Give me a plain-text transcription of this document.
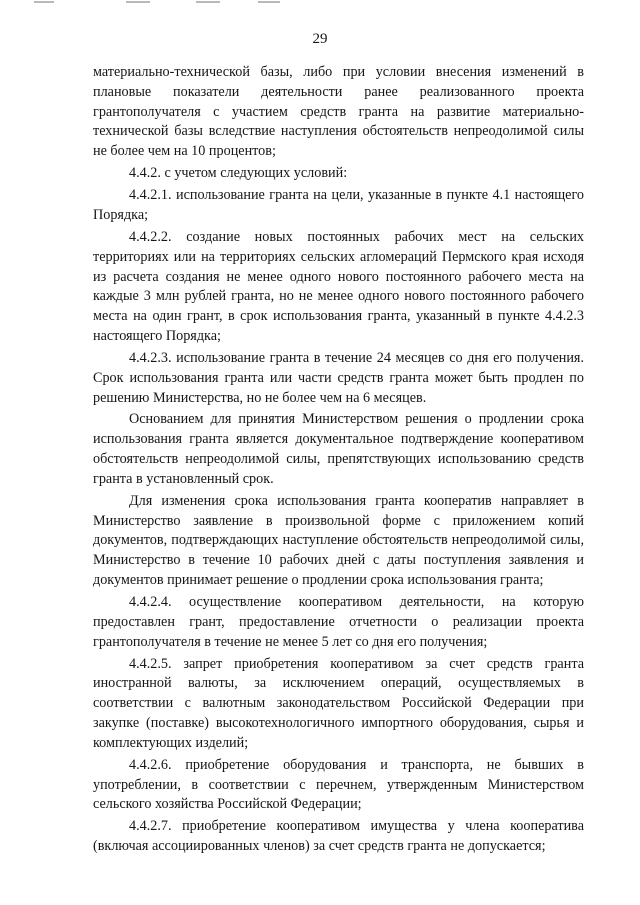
29

материально-технической базы, либо при условии внесения изменений в плановые показатели деятельности ранее реализованного проекта грантополучателя с участием средств гранта на развитие материально-технической базы вследствие наступления обстоятельств непреодолимой силы не более чем на 10 процентов;

4.4.2. с учетом следующих условий:

4.4.2.1. использование гранта на цели, указанные в пункте 4.1 настоящего Порядка;

4.4.2.2. создание новых постоянных рабочих мест на сельских территориях или на территориях сельских агломераций Пермского края исходя из расчета создания не менее одного нового постоянного рабочего места на каждые 3 млн рублей гранта, но не менее одного нового постоянного рабочего места на один грант, в срок использования гранта, указанный в пункте 4.4.2.3 настоящего Порядка;

4.4.2.3. использование гранта в течение 24 месяцев со дня его получения. Срок использования гранта или части средств гранта может быть продлен по решению Министерства, но не более чем на 6 месяцев.

Основанием для принятия Министерством решения о продлении срока использования гранта является документальное подтверждение кооперативом обстоятельств непреодолимой силы, препятствующих использованию средств гранта в установленный срок.

Для изменения срока использования гранта кооператив направляет в Министерство заявление в произвольной форме с приложением копий документов, подтверждающих наступление обстоятельств непреодолимой силы, Министерство в течение 10 рабочих дней с даты поступления заявления и документов принимает решение о продлении срока использования гранта;

4.4.2.4. осуществление кооперативом деятельности, на которую предоставлен грант, предоставление отчетности о реализации проекта грантополучателя в течение не менее 5 лет со дня его получения;

4.4.2.5. запрет приобретения кооперативом за счет средств гранта иностранной валюты, за исключением операций, осуществляемых в соответствии с валютным законодательством Российской Федерации при закупке (поставке) высокотехнологичного импортного оборудования, сырья и комплектующих изделий;

4.4.2.6. приобретение оборудования и транспорта, не бывших в употреблении, в соответствии с перечнем, утвержденным Министерством сельского хозяйства Российской Федерации;

4.4.2.7. приобретение кооперативом имущества у члена кооператива (включая ассоциированных членов) за счет средств гранта не допускается;
